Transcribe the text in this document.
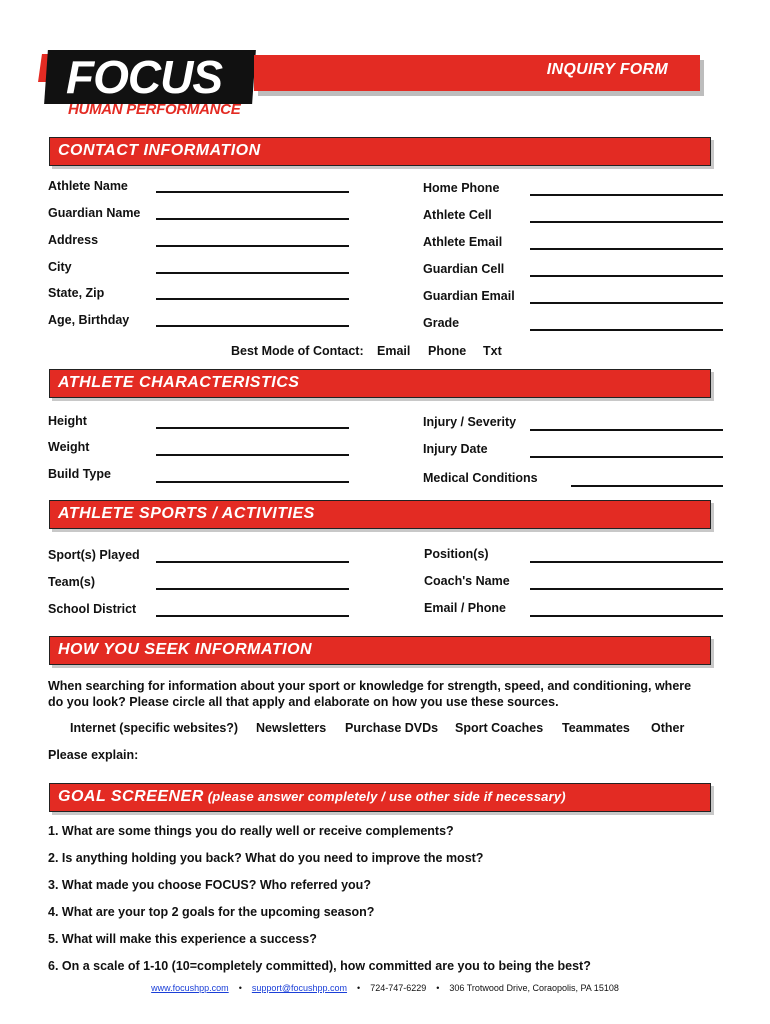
FOCUS
HUMAN PERFORMANCE
INQUIRY FORM
CONTACT INFORMATION
Athlete Name
Guardian Name
Address
City
State, Zip
Age, Birthday
Home Phone
Athlete Cell
Athlete Email
Guardian Cell
Guardian Email
Grade
Best Mode of Contact: Email Phone Txt
ATHLETE CHARACTERISTICS
Height
Weight
Build Type
Injury / Severity
Injury Date
Medical Conditions
ATHLETE SPORTS / ACTIVITIES
Sport(s) Played
Team(s)
School District
Position(s)
Coach's Name
Email / Phone
HOW YOU SEEK INFORMATION
When searching for information about your sport or knowledge for strength, speed, and conditioning, where do you look? Please circle all that apply and elaborate on how you use these sources.
Internet (specific websites?) Newsletters Purchase DVDs Sport Coaches Teammates Other
Please explain:
GOAL SCREENER (please answer completely / use other side if necessary)
1. What are some things you do really well or receive complements?
2. Is anything holding you back? What do you need to improve the most?
3. What made you choose FOCUS? Who referred you?
4. What are your top 2 goals for the upcoming season?
5. What will make this experience a success?
6. On a scale of 1-10 (10=completely committed), how committed are you to being the best?
www.focushpp.com • support@focushpp.com • 724-747-6229 • 306 Trotwood Drive, Coraopolis, PA 15108
